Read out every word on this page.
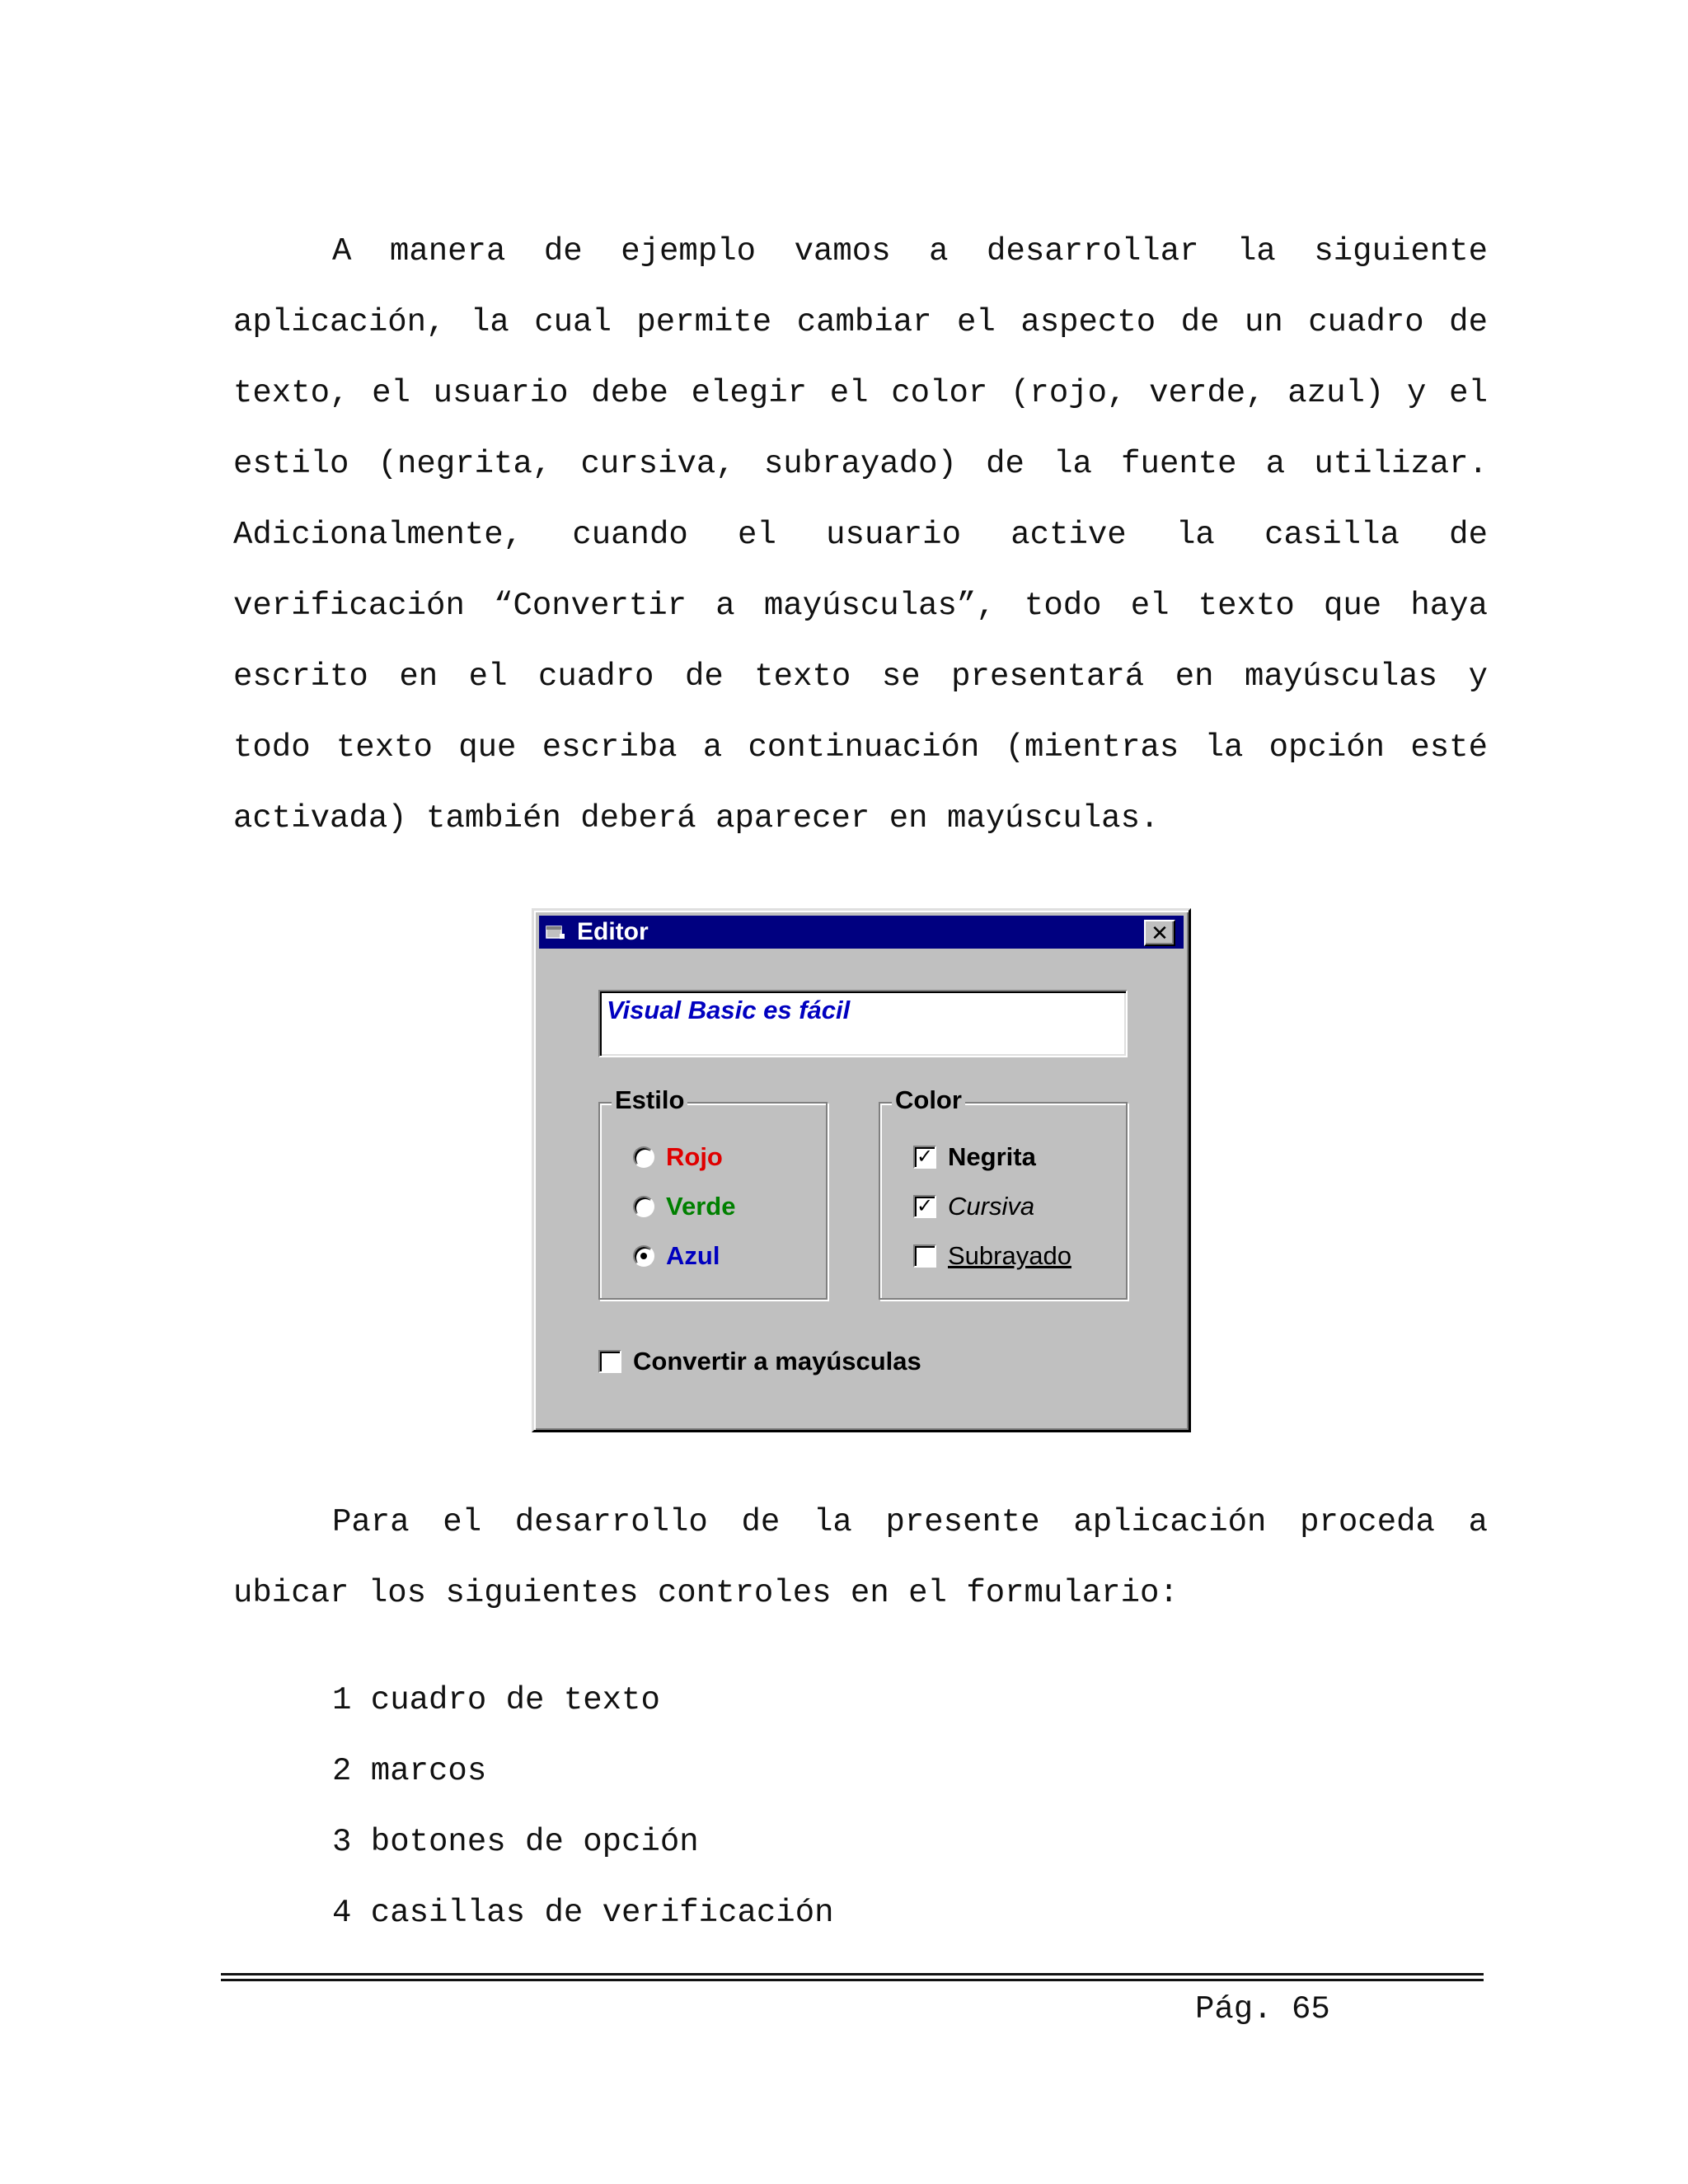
A manera de ejemplo vamos a desarrollar la siguiente
aplicación, la cual permite cambiar el aspecto de un cuadro de
texto, el usuario debe elegir el color (rojo, verde, azul) y el
estilo (negrita, cursiva, subrayado) de la fuente a utilizar.
Adicionalmente, cuando el usuario active la casilla de
verificación “Convertir a mayúsculas”, todo el texto que haya
escrito en el cuadro de texto se presentará en mayúsculas y
todo texto que escriba a continuación (mientras la opción esté
activada) también deberá aparecer en mayúsculas.
Editor	✕
Visual Basic es fácil
Estilo
Rojo
Verde
Azul
Color
✓ Negrita
✓ Cursiva
Subrayado
Convertir a mayúsculas
Para el desarrollo de la presente aplicación proceda a
ubicar los siguientes controles en el formulario:
1 cuadro de texto
2 marcos
3 botones de opción
4 casillas de verificación
Pág. 65
